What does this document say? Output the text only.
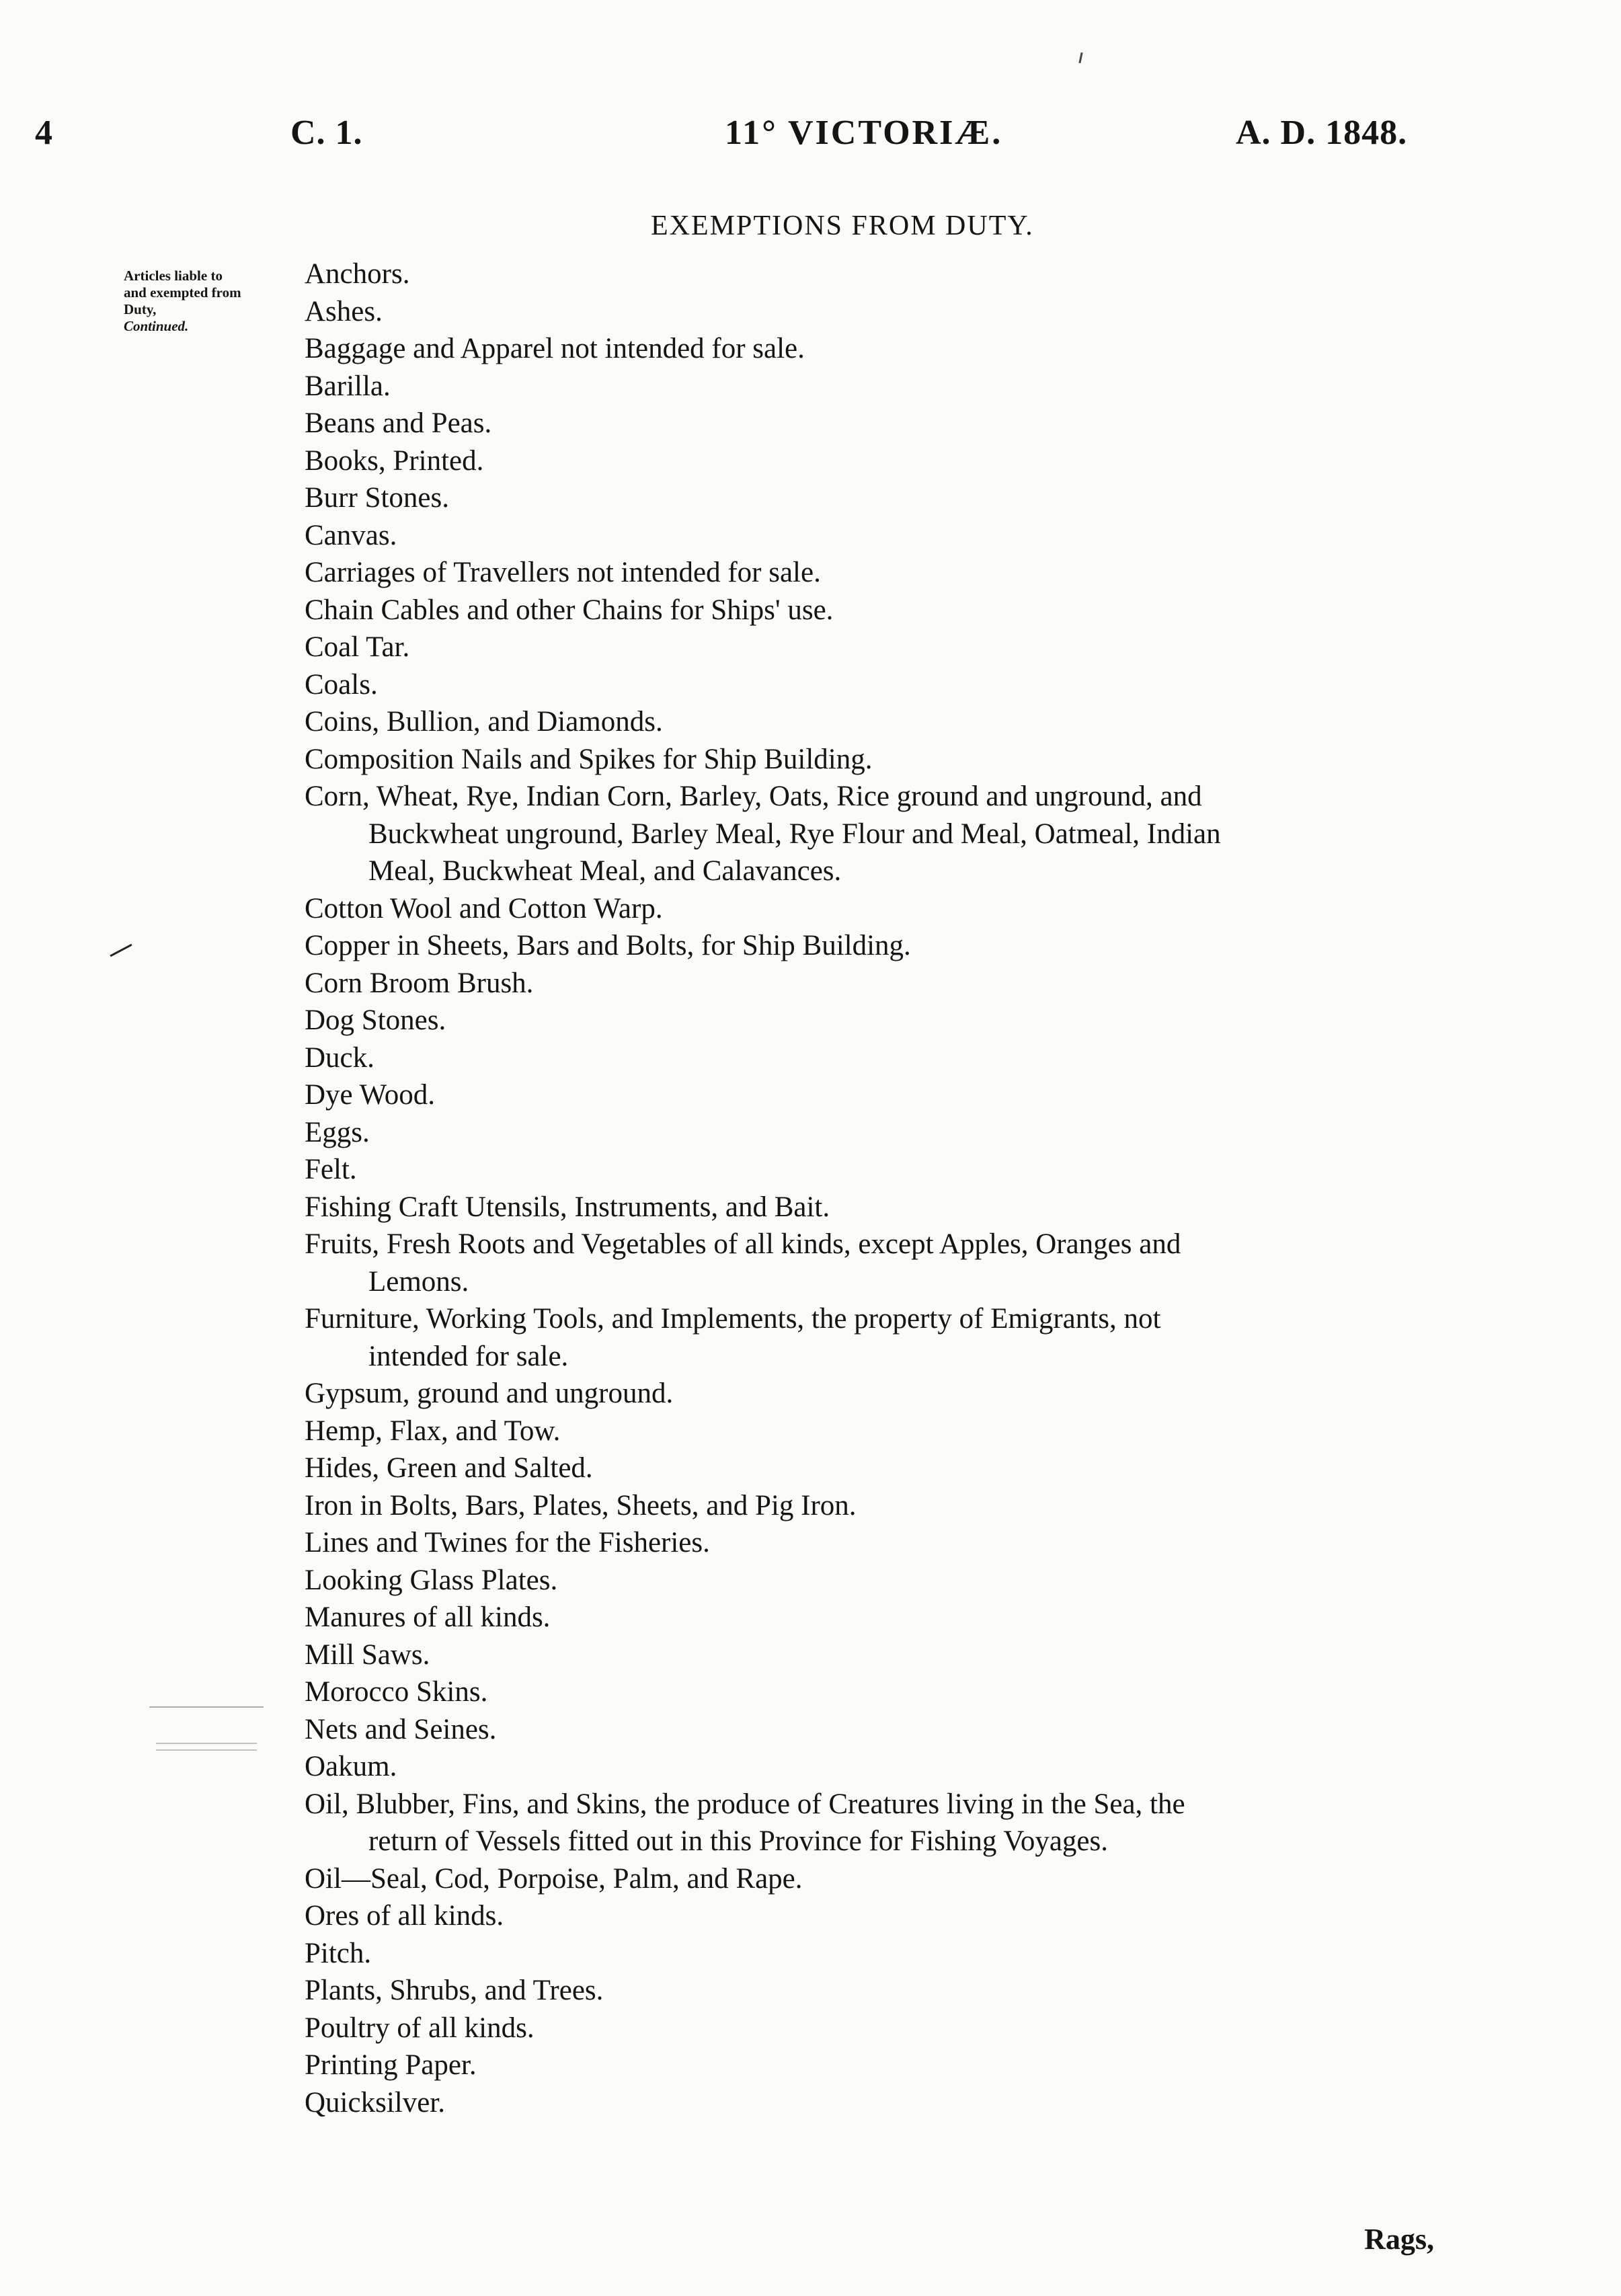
4	C. 1.	11° VICTORIÆ.	A. D. 1848.
EXEMPTIONS FROM DUTY.
Articles liable to
and exempted from
Duty,
Continued.
Anchors.
Ashes.
Baggage and Apparel not intended for sale.
Barilla.
Beans and Peas.
Books, Printed.
Burr Stones.
Canvas.
Carriages of Travellers not intended for sale.
Chain Cables and other Chains for Ships' use.
Coal Tar.
Coals.
Coins, Bullion, and Diamonds.
Composition Nails and Spikes for Ship Building.
Corn, Wheat, Rye, Indian Corn, Barley, Oats, Rice ground and unground, and
Buckwheat unground, Barley Meal, Rye Flour and Meal, Oatmeal, Indian
Meal, Buckwheat Meal, and Calavances.
Cotton Wool and Cotton Warp.
Copper in Sheets, Bars and Bolts, for Ship Building.
Corn Broom Brush.
Dog Stones.
Duck.
Dye Wood.
Eggs.
Felt.
Fishing Craft Utensils, Instruments, and Bait.
Fruits, Fresh Roots and Vegetables of all kinds, except Apples, Oranges and
Lemons.
Furniture, Working Tools, and Implements, the property of Emigrants, not
intended for sale.
Gypsum, ground and unground.
Hemp, Flax, and Tow.
Hides, Green and Salted.
Iron in Bolts, Bars, Plates, Sheets, and Pig Iron.
Lines and Twines for the Fisheries.
Looking Glass Plates.
Manures of all kinds.
Mill Saws.
Morocco Skins.
Nets and Seines.
Oakum.
Oil, Blubber, Fins, and Skins, the produce of Creatures living in the Sea, the
return of Vessels fitted out in this Province for Fishing Voyages.
Oil—Seal, Cod, Porpoise, Palm, and Rape.
Ores of all kinds.
Pitch.
Plants, Shrubs, and Trees.
Poultry of all kinds.
Printing Paper.
Quicksilver.
Rags,
